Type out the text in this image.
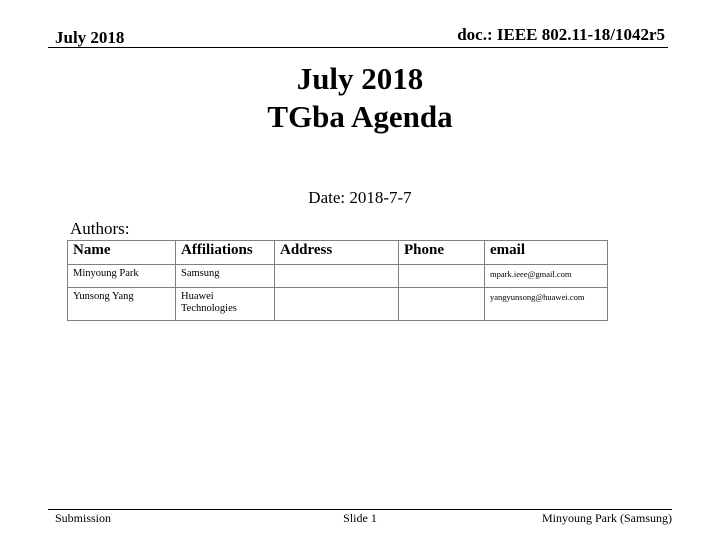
July 2018	doc.: IEEE 802.11-18/1042r5
July 2018
TGba Agenda
Date: 2018-7-7
Authors:
Name	Affiliations	Address	Phone	email
Minyoung Park	Samsung			mpark.ieee@gmail.com
Yunsong Yang	Huawei Technologies			yangyunsong@huawei.com
Submission	Slide 1	Minyoung Park (Samsung)
